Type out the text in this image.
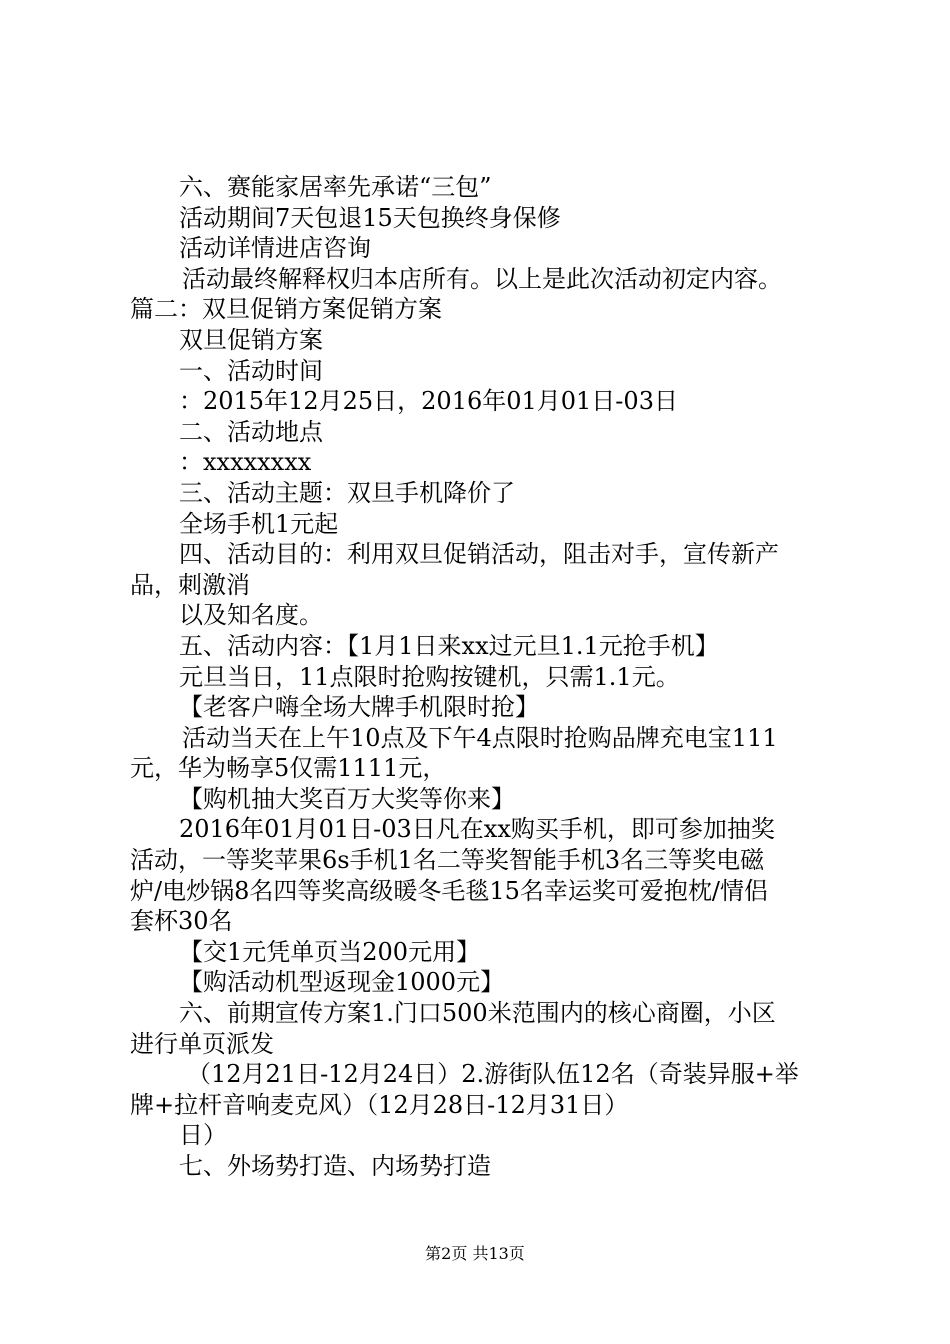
六、赛能家居率先承诺“三包”
活动期间7天包退15天包换终身保修
活动详情进店咨询
活动最终解释权归本店所有。以上是此次活动初定内容。
篇二：双旦促销方案促销方案
双旦促销方案
一、活动时间
：2015年12月25日，2016年01月01日-03日
二、活动地点
：xxxxxxxx
三、活动主题：双旦手机降价了
全场手机1元起
四、活动目的：利用双旦促销活动，阻击对手，宣传新产
品，刺激消
以及知名度。
五、活动内容：【1月1日来xx过元旦1.1元抢手机】
元旦当日，11点限时抢购按键机，只需1.1元。
【老客户嗨全场大牌手机限时抢】
活动当天在上午10点及下午4点限时抢购品牌充电宝111
元，华为畅享5仅需1111元，
【购机抽大奖百万大奖等你来】
2016年01月01日-03日凡在xx购买手机，即可参加抽奖
活动，一等奖苹果6s手机1名二等奖智能手机3名三等奖电磁
炉/电炒锅8名四等奖高级暖冬毛毯15名幸运奖可爱抱枕/情侣
套杯30名
【交1元凭单页当200元用】
【购活动机型返现金1000元】
六、前期宣传方案1.门口500米范围内的核心商圈，小区
进行单页派发
（12月21日-12月24日）2.游街队伍12名（奇装异服+举
牌+拉杆音响麦克风）（12月28日-12月31日）
日）
七、外场势打造、内场势打造
第2页 共13页
